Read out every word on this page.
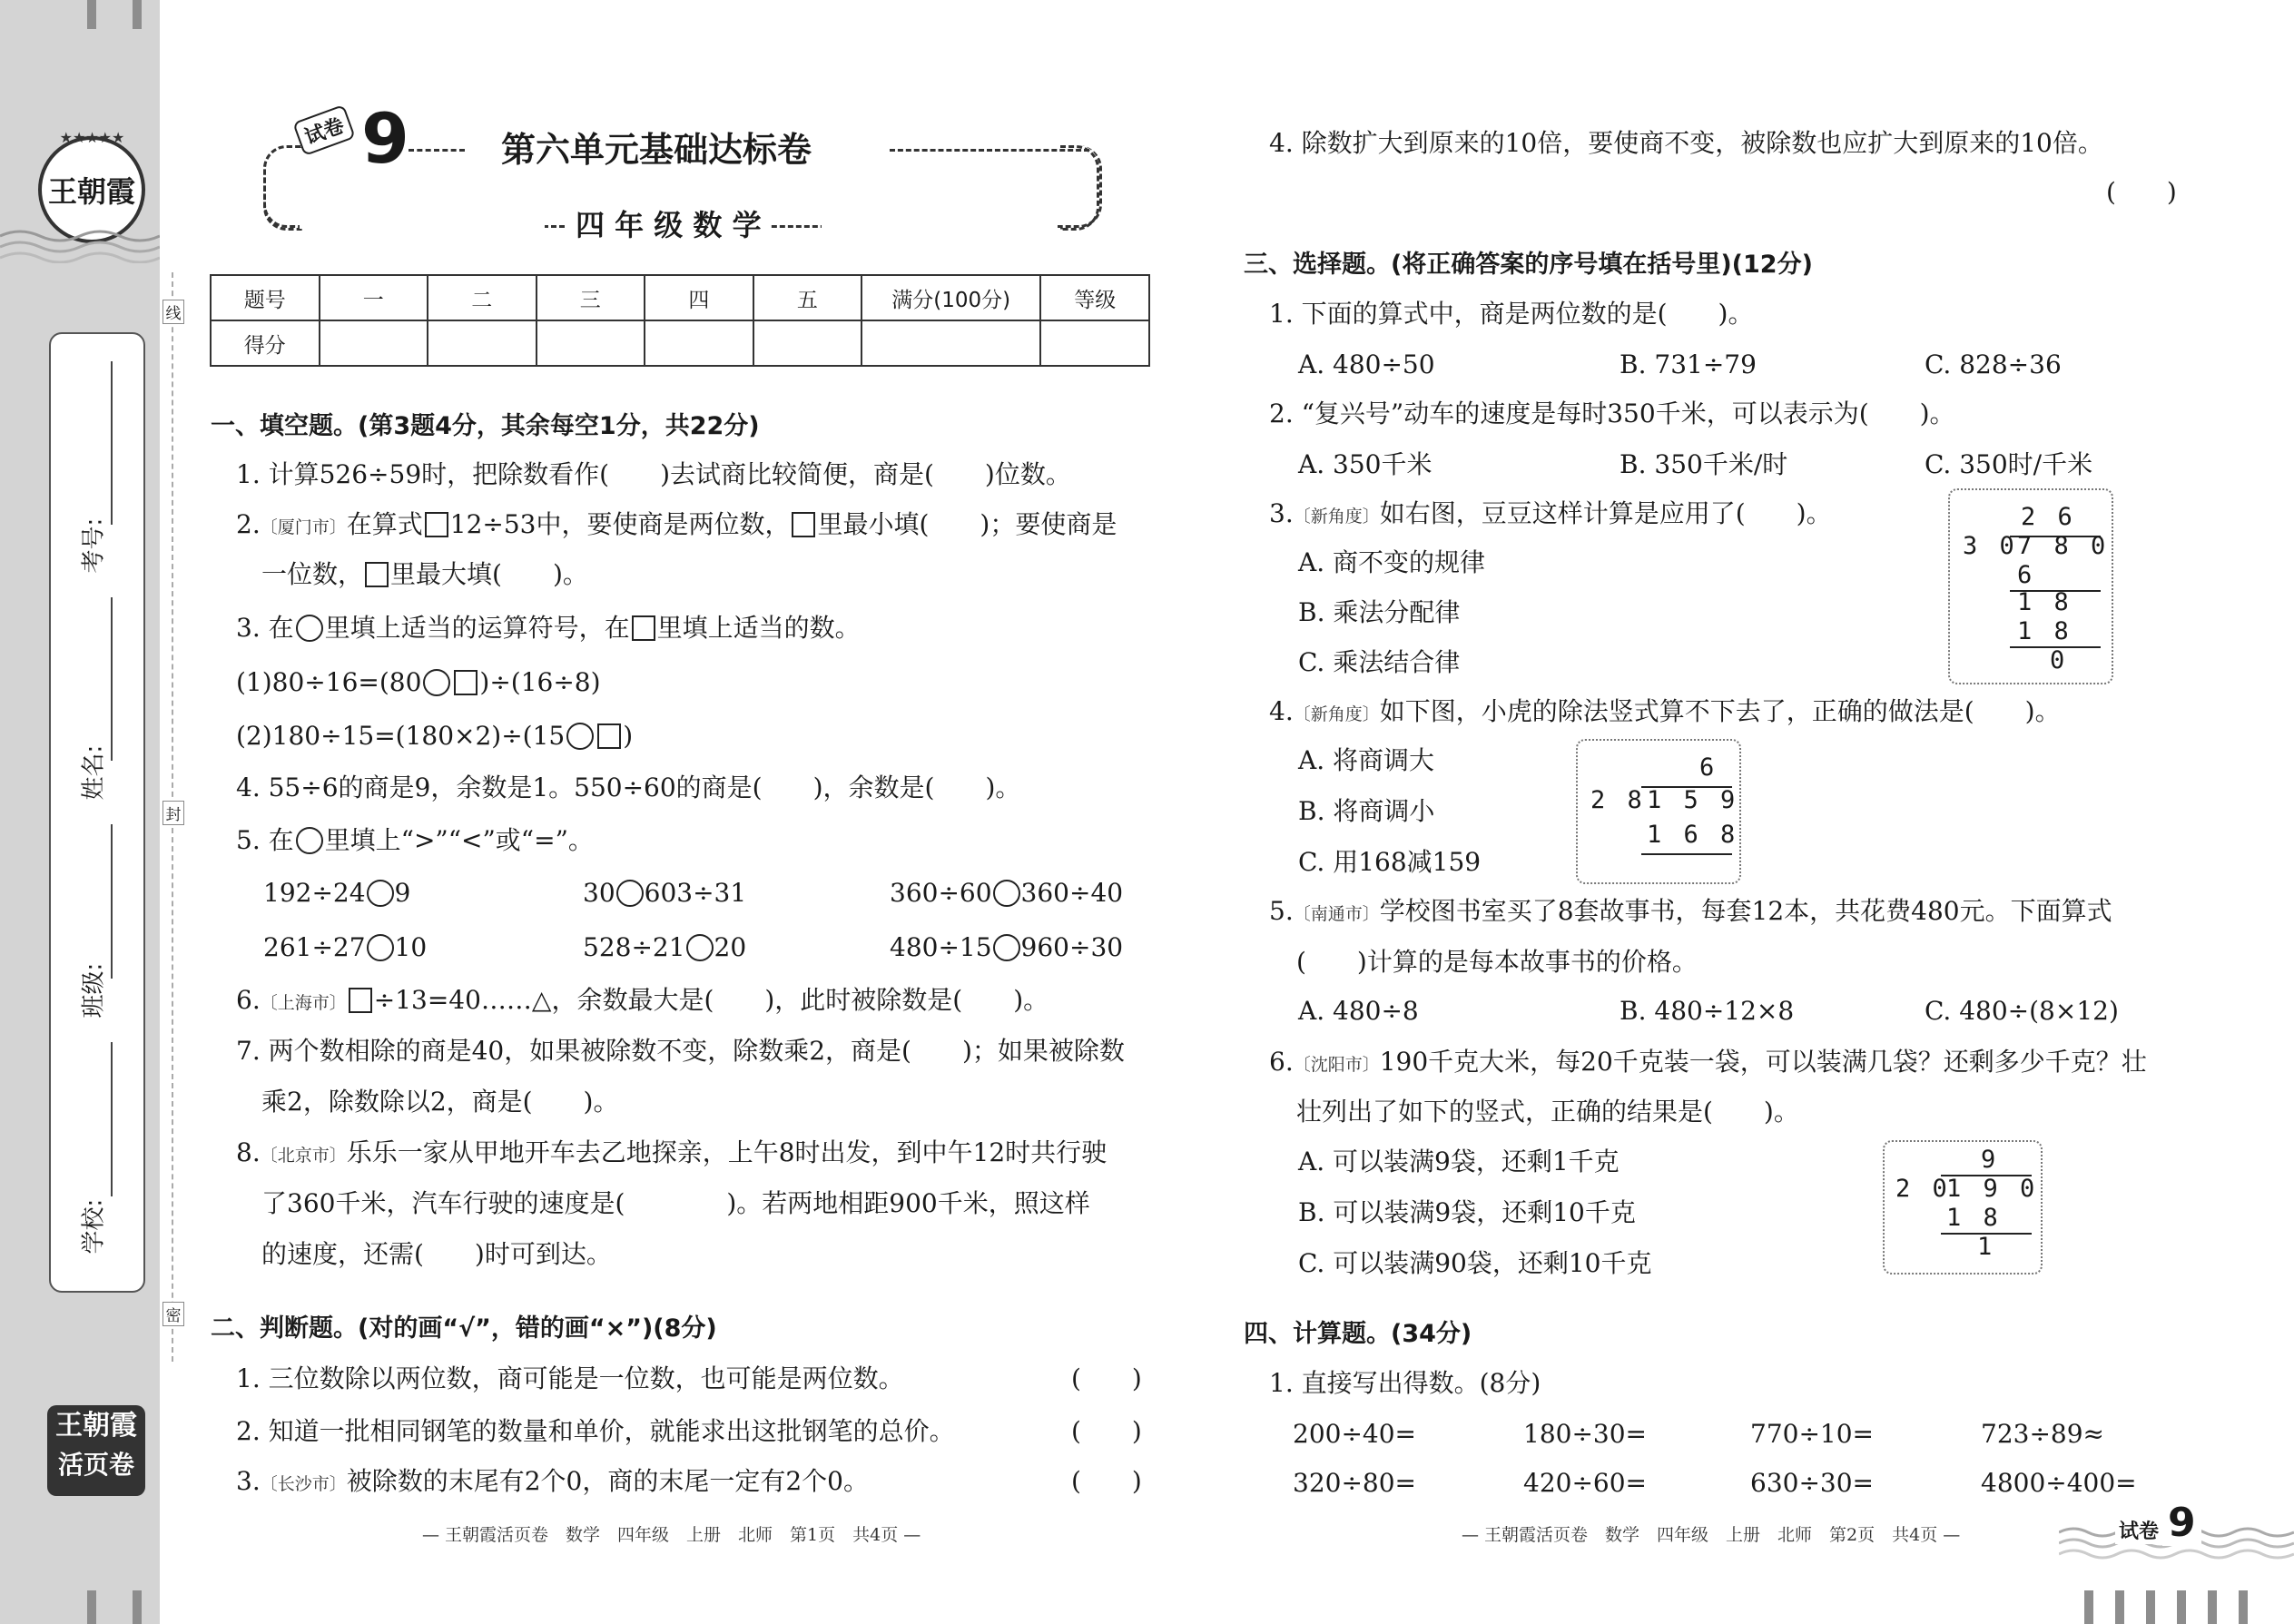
★★★★★
王朝霞
考号:
姓名:
班级:
学校:
线
封
密
王朝霞
活页卷
试卷 9	第六单元基础达标卷
四 年 级 数 学
题号	一	二	三	四	五	满分(100分)	等级
得分							
一、填空题。(第3题4分，其余每空1分，共22分)
1. 计算526÷59时，把除数看作(　　)去试商比较简便，商是(　　)位数。
2.〔厦门市〕在算式 12÷53中，要使商是两位数， 里最小填(　　)；要使商是
一位数， 里最大填(　　)。
3. 在 里填上适当的运算符号，在 里填上适当的数。
(1)80÷16=(80 )÷(16÷8)
(2)180÷15=(180×2)÷(15 )
4. 55÷6的商是9，余数是1。550÷60的商是(　　)，余数是(　　)。
5. 在 里填上“>”“<”或“=”。
192÷24 9	30 603÷31	360÷60 360÷40
261÷27 10	528÷21 20	480÷15 960÷30
6.〔上海市〕 ÷13=40……△，余数最大是(　　)，此时被除数是(　　)。
7. 两个数相除的商是40，如果被除数不变，除数乘2，商是(　　)；如果被除数
乘2，除数除以2，商是(　　)。
8.〔北京市〕乐乐一家从甲地开车去乙地探亲，上午8时出发，到中午12时共行驶
了360千米，汽车行驶的速度是(　　　　)。若两地相距900千米，照这样
的速度，还需(　　)时可到达。
二、判断题。(对的画“√”，错的画“×”)(8分)
1. 三位数除以两位数，商可能是一位数，也可能是两位数。	(　　)
2. 知道一批相同钢笔的数量和单价，就能求出这批钢笔的总价。	(　　)
3.〔长沙市〕被除数的末尾有2个0，商的末尾一定有2个0。	(　　)
— 王朝霞活页卷　数学　四年级　上册　北师　第1页　共4页 —
4. 除数扩大到原来的10倍，要使商不变，被除数也应扩大到原来的10倍。
(　　)
三、选择题。(将正确答案的序号填在括号里)(12分)
1. 下面的算式中，商是两位数的是(　　)。
A. 480÷50	B. 731÷79	C. 828÷36
2. “复兴号”动车的速度是每时350千米，可以表示为(　　)。
A. 350千米	B. 350千米/时	C. 350时/千米
3.〔新角度〕如右图，豆豆这样计算是应用了(　　)。
A. 商不变的规律
B. 乘法分配律
C. 乘法结合律
2 6
3 0 7 8 0
6
1 8
1 8
0
4.〔新角度〕如下图，小虎的除法竖式算不下去了，正确的做法是(　　)。
A. 将商调大
B. 将商调小
C. 用168减159
6
2 8 1 5 9
1 6 8
5.〔南通市〕学校图书室买了8套故事书，每套12本，共花费480元。下面算式
(　　)计算的是每本故事书的价格。
A. 480÷8	B. 480÷12×8	C. 480÷(8×12)
6.〔沈阳市〕190千克大米，每20千克装一袋，可以装满几袋？还剩多少千克？壮
壮列出了如下的竖式，正确的结果是(　　)。
A. 可以装满9袋，还剩1千克
B. 可以装满9袋，还剩10千克
C. 可以装满90袋，还剩10千克
9
2 0
1 9 0
1 8
1
四、计算题。(34分)
1. 直接写出得数。(8分)
200÷40=	180÷30=	770÷10=	723÷89≈
320÷80=	420÷60=	630÷30=	4800÷400=
— 王朝霞活页卷　数学　四年级　上册　北师　第2页　共4页 —	试卷 9
